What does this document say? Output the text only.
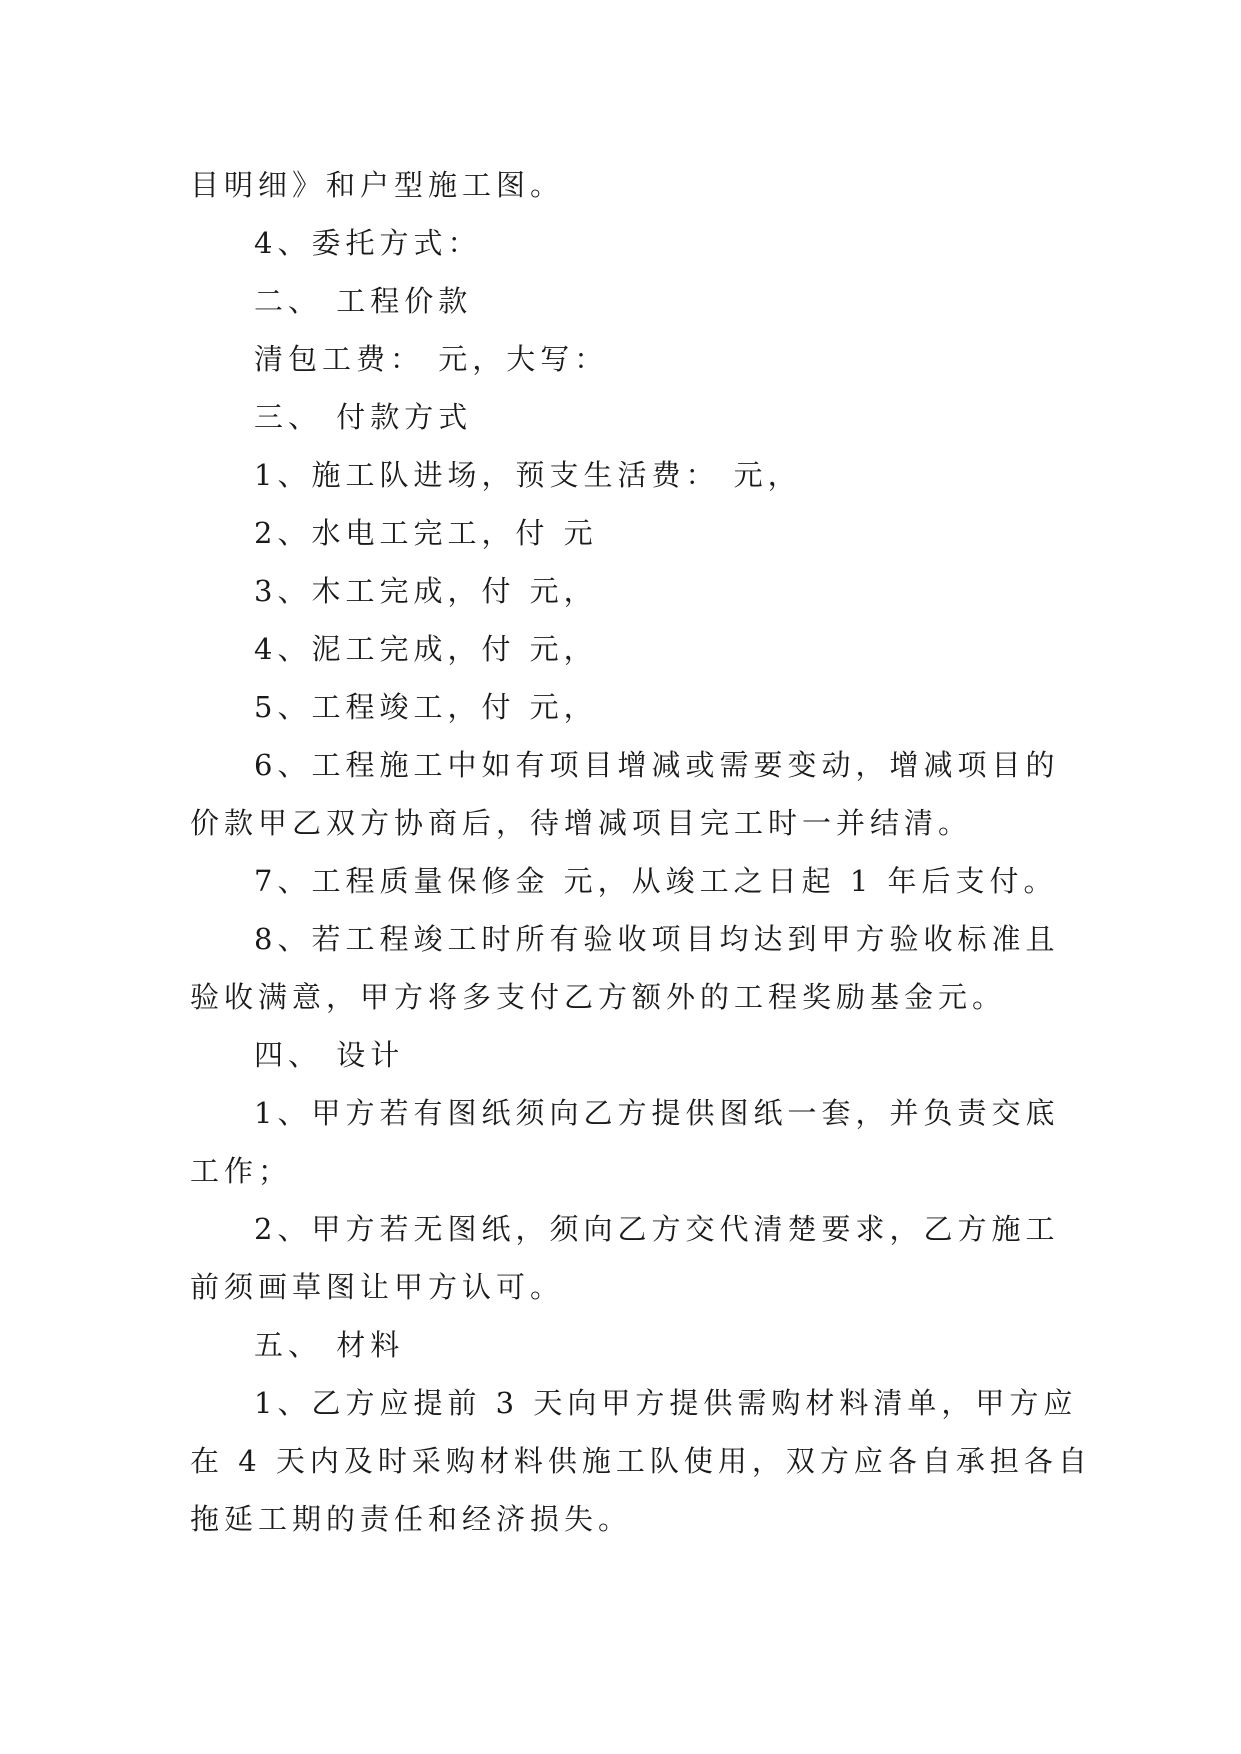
目明细》和户型施工图。
4、委托方式：
二、 工程价款
清包工费： 元，大写：
三、 付款方式
1、施工队进场，预支生活费： 元，
2、水电工完工，付 元
3、木工完成，付 元，
4、泥工完成，付 元，
5、工程竣工，付 元，
6、工程施工中如有项目增减或需要变动，增减项目的
价款甲乙双方协商后，待增减项目完工时一并结清。
7、工程质量保修金 元，从竣工之日起 1 年后支付。
8、若工程竣工时所有验收项目均达到甲方验收标准且
验收满意，甲方将多支付乙方额外的工程奖励基金元。
四、 设计
1、甲方若有图纸须向乙方提供图纸一套，并负责交底
工作；
2、甲方若无图纸，须向乙方交代清楚要求，乙方施工
前须画草图让甲方认可。
五、 材料
1、乙方应提前 3 天向甲方提供需购材料清单，甲方应
在 4 天内及时采购材料供施工队使用，双方应各自承担各自
拖延工期的责任和经济损失。
